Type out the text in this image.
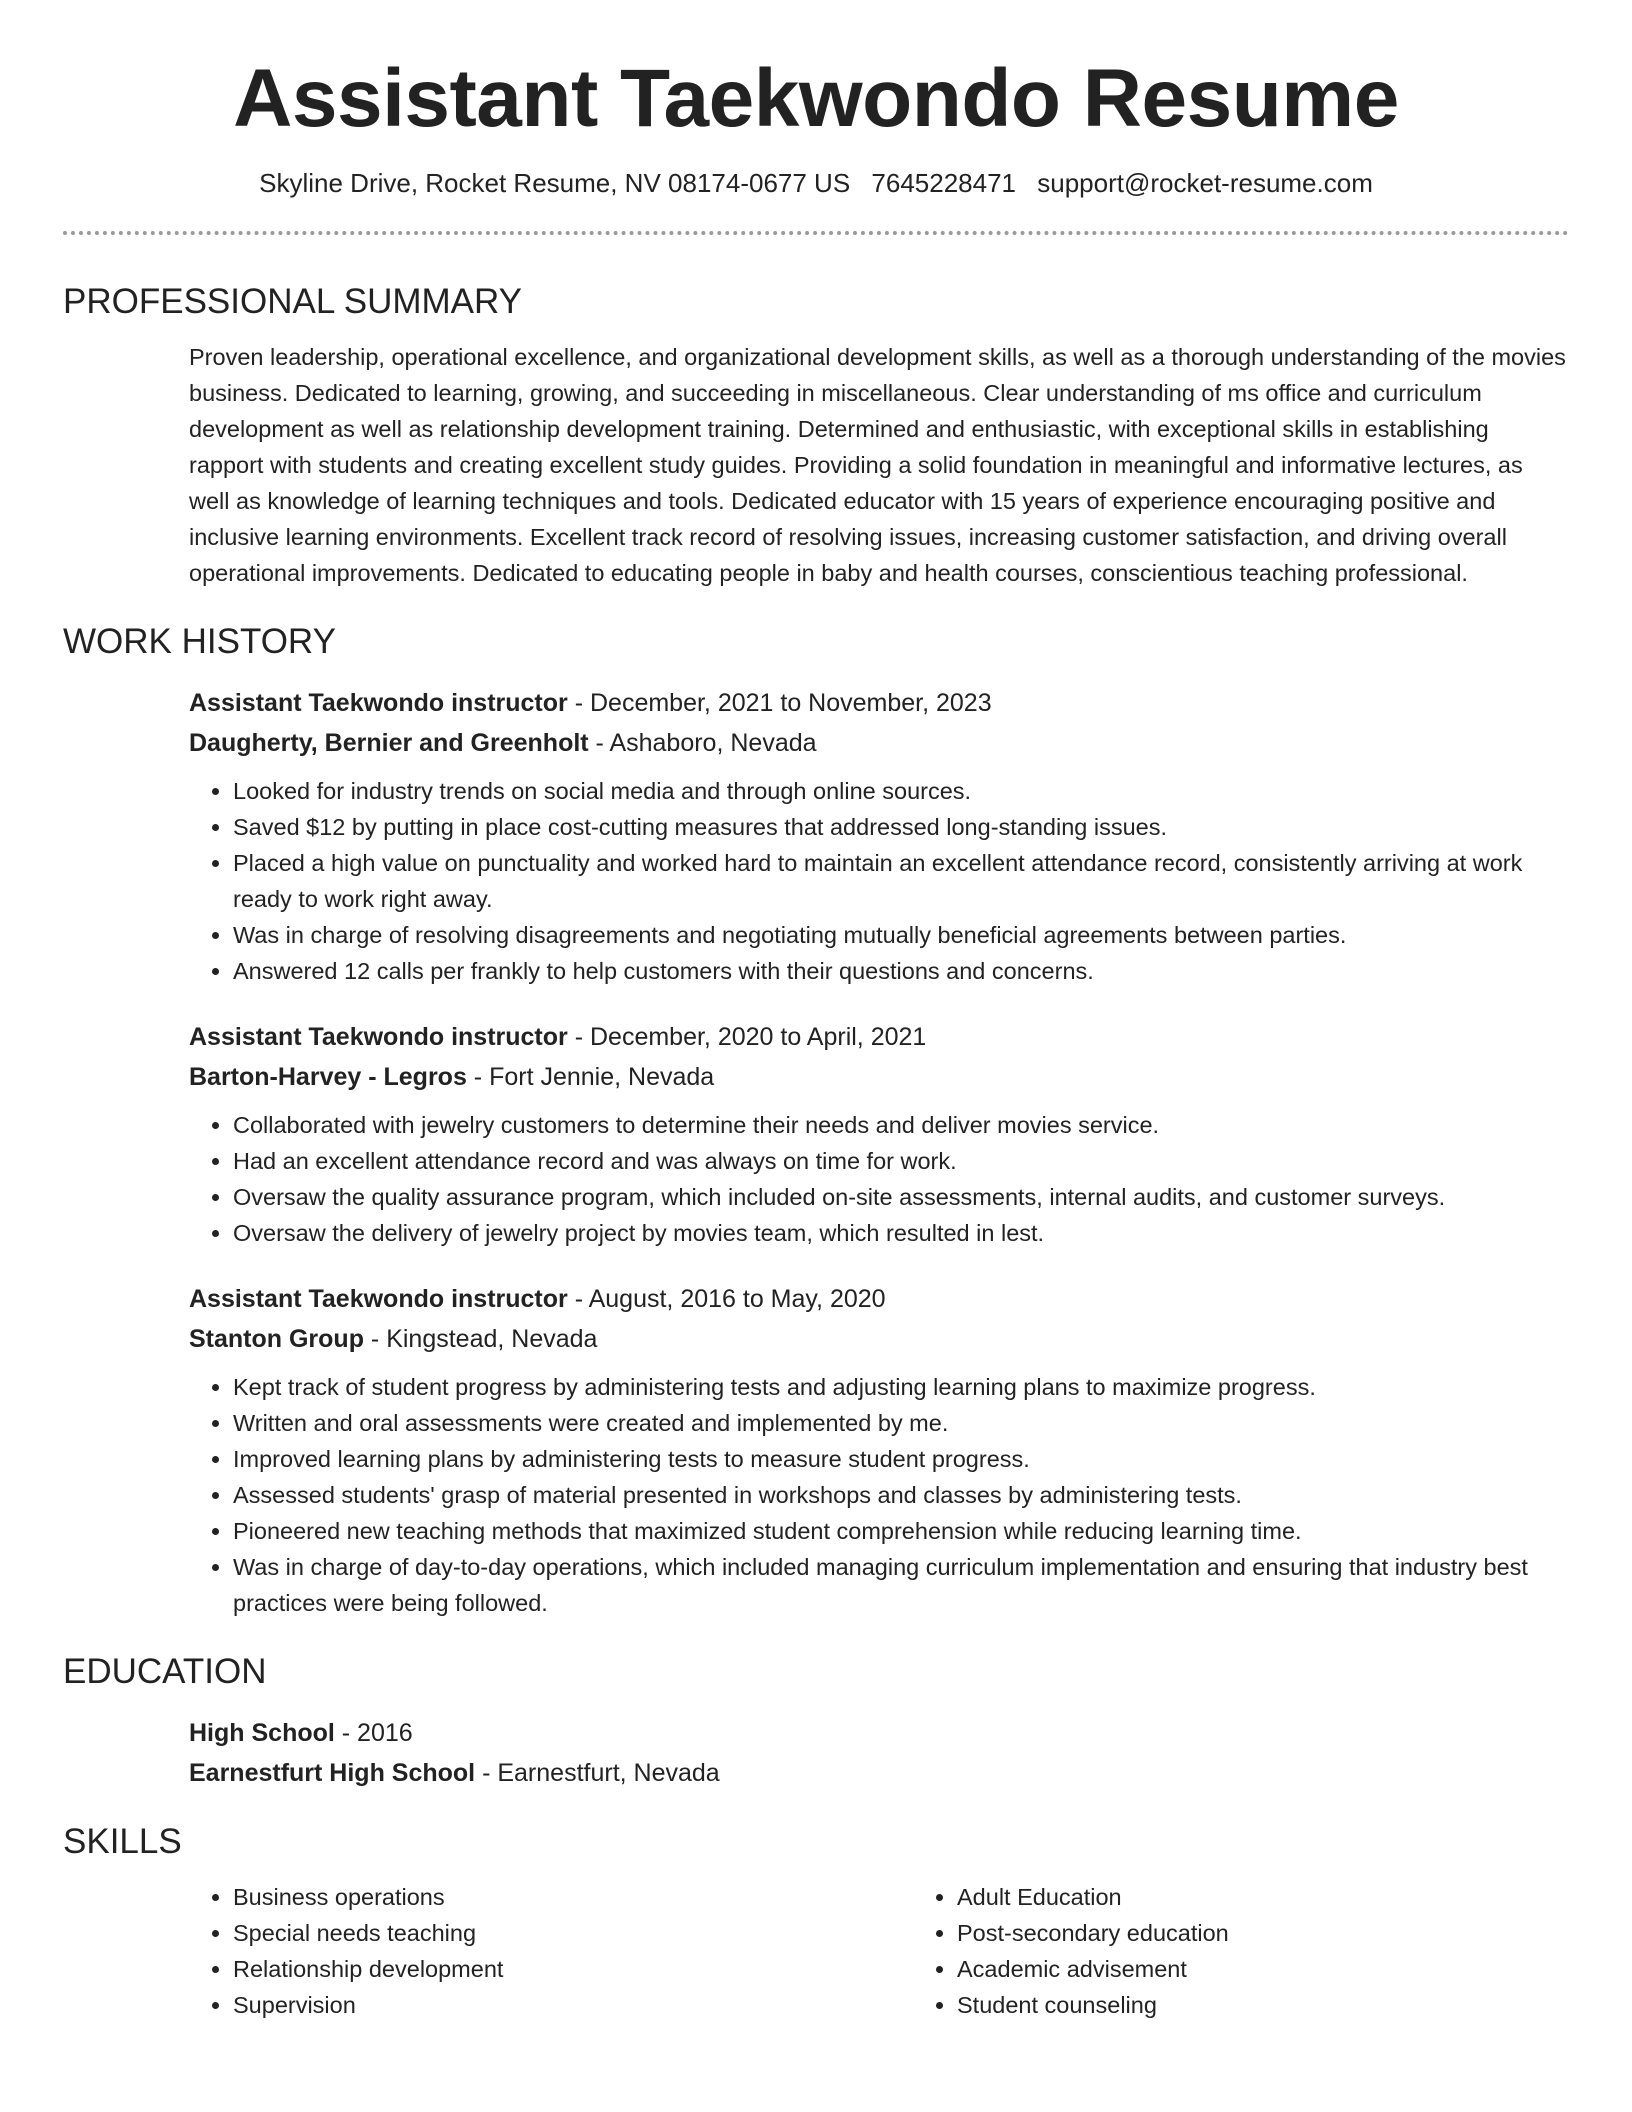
Assistant Taekwondo Resume
Skyline Drive, Rocket Resume, NV 08174-0677 US 7645228471 support@rocket-resume.com
PROFESSIONAL SUMMARY

Proven leadership, operational excellence, and organizational development skills, as well as a thorough understanding of the movies business. Dedicated to learning, growing, and succeeding in miscellaneous. Clear understanding of ms office and curriculum development as well as relationship development training. Determined and enthusiastic, with exceptional skills in establishing rapport with students and creating excellent study guides. Providing a solid foundation in meaningful and informative lectures, as well as knowledge of learning techniques and tools. Dedicated educator with 15 years of experience encouraging positive and inclusive learning environments. Excellent track record of resolving issues, increasing customer satisfaction, and driving overall operational improvements. Dedicated to educating people in baby and health courses, conscientious teaching professional.

WORK HISTORY
Assistant Taekwondo instructor - December, 2021 to November, 2023
Daugherty, Bernier and Greenholt - Ashaboro, Nevada
• Looked for industry trends on social media and through online sources.
• Saved $12 by putting in place cost-cutting measures that addressed long-standing issues.
• Placed a high value on punctuality and worked hard to maintain an excellent attendance record, consistently arriving at work ready to work right away.
• Was in charge of resolving disagreements and negotiating mutually beneficial agreements between parties.
• Answered 12 calls per frankly to help customers with their questions and concerns.
Assistant Taekwondo instructor - December, 2020 to April, 2021
Barton-Harvey - Legros - Fort Jennie, Nevada
• Collaborated with jewelry customers to determine their needs and deliver movies service.
• Had an excellent attendance record and was always on time for work.
• Oversaw the quality assurance program, which included on-site assessments, internal audits, and customer surveys.
• Oversaw the delivery of jewelry project by movies team, which resulted in lest.
Assistant Taekwondo instructor - August, 2016 to May, 2020
Stanton Group - Kingstead, Nevada
• Kept track of student progress by administering tests and adjusting learning plans to maximize progress.
• Written and oral assessments were created and implemented by me.
• Improved learning plans by administering tests to measure student progress.
• Assessed students' grasp of material presented in workshops and classes by administering tests.
• Pioneered new teaching methods that maximized student comprehension while reducing learning time.
• Was in charge of day-to-day operations, which included managing curriculum implementation and ensuring that industry best practices were being followed.
EDUCATION
High School - 2016
Earnestfurt High School - Earnestfurt, Nevada
SKILLS
• Business operations
• Special needs teaching
• Relationship development
• Supervision
• Adult Education
• Post-secondary education
• Academic advisement
• Student counseling
